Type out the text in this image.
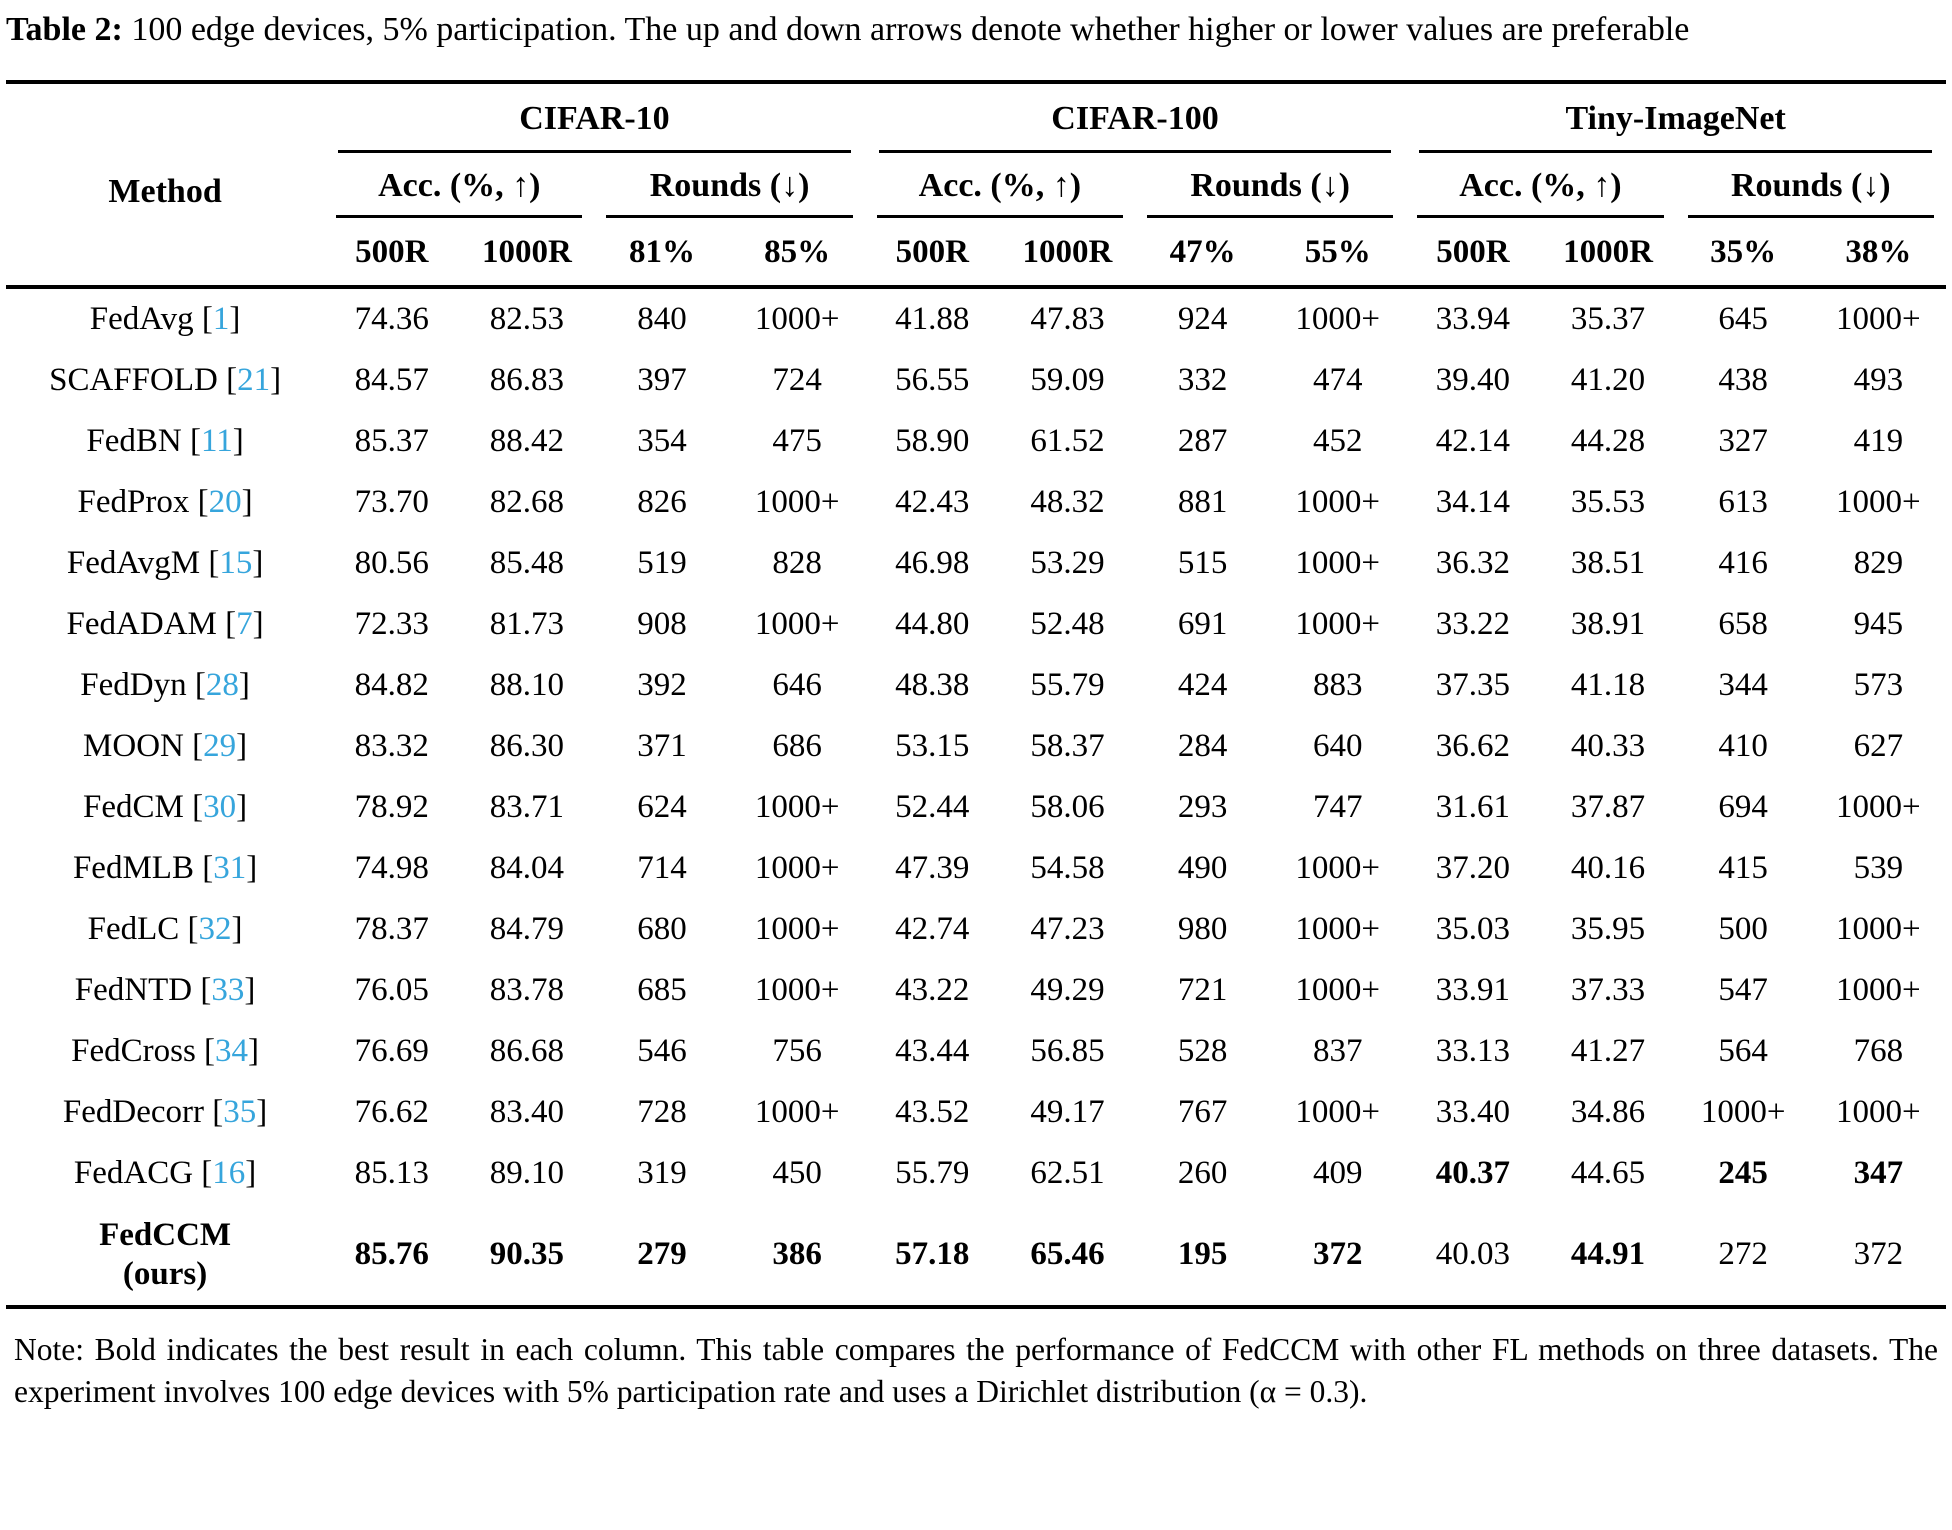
Table 2: 100 edge devices, 5% participation. The up and down arrows denote whether higher or lower values are preferable

Method	CIFAR-10				CIFAR-100				Tiny-ImageNet			

	Acc. (%, ↑)		Rounds (↓)		Acc. (%, ↑)		Rounds (↓)		Acc. (%, ↑)		Rounds (↓)	

	500R	1000R	81%	85%	500R	1000R	47%	55%	500R	1000R	35%	38%
FedAvg [1]	74.36	82.53	840	1000+	41.88	47.83	924	1000+	33.94	35.37	645	1000+
SCAFFOLD [21]	84.57	86.83	397	724	56.55	59.09	332	474	39.40	41.20	438	493
FedBN [11]	85.37	88.42	354	475	58.90	61.52	287	452	42.14	44.28	327	419
FedProx [20]	73.70	82.68	826	1000+	42.43	48.32	881	1000+	34.14	35.53	613	1000+
FedAvgM [15]	80.56	85.48	519	828	46.98	53.29	515	1000+	36.32	38.51	416	829
FedADAM [7]	72.33	81.73	908	1000+	44.80	52.48	691	1000+	33.22	38.91	658	945
FedDyn [28]	84.82	88.10	392	646	48.38	55.79	424	883	37.35	41.18	344	573
MOON [29]	83.32	86.30	371	686	53.15	58.37	284	640	36.62	40.33	410	627
FedCM [30]	78.92	83.71	624	1000+	52.44	58.06	293	747	31.61	37.87	694	1000+
FedMLB [31]	74.98	84.04	714	1000+	47.39	54.58	490	1000+	37.20	40.16	415	539
FedLC [32]	78.37	84.79	680	1000+	42.74	47.23	980	1000+	35.03	35.95	500	1000+
FedNTD [33]	76.05	83.78	685	1000+	43.22	49.29	721	1000+	33.91	37.33	547	1000+
FedCross [34]	76.69	86.68	546	756	43.44	56.85	528	837	33.13	41.27	564	768
FedDecorr [35]	76.62	83.40	728	1000+	43.52	49.17	767	1000+	33.40	34.86	1000+	1000+
FedACG [16]	85.13	89.10	319	450	55.79	62.51	260	409	40.37	44.65	245	347

FedCCM
(ours)	85.76	90.35	279	386	57.18	65.46	195	372	40.03	44.91	272	372

Note: Bold indicates the best result in each column. This table compares the performance of FedCCM with other FL methods on three datasets. The experiment involves 100 edge devices with 5% participation rate and uses a Dirichlet distribution (α = 0.3).
